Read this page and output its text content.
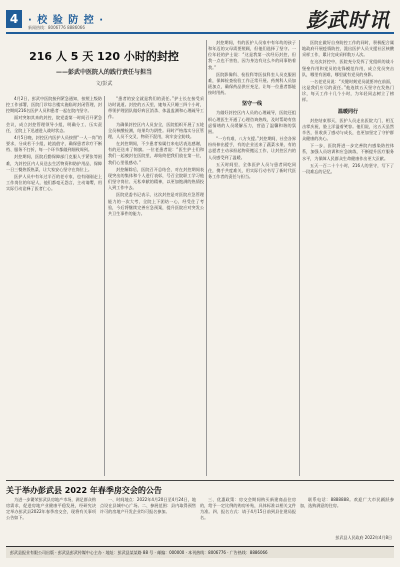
4 · 校 验 防 控 ·
新闻热线：8006776 8886066	彭武时讯
216 人 5 天 120 小时的封控
——彭武中医院人的践行责任与担当
文/彭武

4月2日，彭武中医院接到紧急通知，按照上级防控工作部署，医院门诊综合楼实施临时封闭管理，封控期间216名医护人员和患者一起在院内坚守。

面对突如其来的封控，院党委第一时间召开紧急会议，成立封控管理领导小组，明确分工、压实责任，全院上下迅速进入战时状态。

4月5日晚，封控区内医护人员按照“一人一岗”的要求，分成若干小组，轮流值守，确保患者诊疗不断档、服务不打折，每一个环节都做到细致周到。

封控期间，医院后勤保障部门克服人手紧张等困难，为封控区内人员送去生活物资和防护用品，保障一日三餐热饭热菜，让大家安心坚守在岗位上。

医护人员中有年过半百的老专家，也有刚刚走上工作岗位的年轻人，他们都毫无怨言，主动请缨，用实际行动诠释了医者仁心。

“患者的安全就是我们的责任。”护士长在接受采访时说道。封控的五天里，她每天只睡三四个小时，带领护理团队做好病区消杀、体温监测和心理疏导工作。

为确保封控区内人员安全，医院组织开展了五轮全员核酸检测，结果均为阴性。同时严格落实分区管理，人员不交叉、物资不混用，筑牢安全防线。

在封控期间，不少患者家属打来电话表达感谢，有的还送来了锦旗。一位老患者说：“医生护士们和我们一起被封在医院里，却始终把我们放在第一位，我们心里很感动。”

封控解除后，医院召开总结会，对在封控期间表现突出的集体和个人进行表彰，号召全院职工学习他们坚守岗位、无私奉献的精神，以更加饱满的热情投入到工作中去。

医院党委书记表示，这次封控是对医院应急管理能力的一次大考，全院上下团结一心，经受住了考验，今后将继续完善应急预案，提升医院应对突发公共卫生事件的能力。

封控期间，有的医护人员家中有年幼的孩子和年迈的父母需要照顾，但他们选择了坚守。一位年轻的护士说：“这是我第一次经历封控，但我一点也不害怕，因为身边有这么多的同事陪着我。”

医院影像科、检验科等医技科室人员克服困难，保障检查检验工作正常开展。药剂科人员加班加点，确保药品供应充足，让每一位患者都能按时用药。

坚守一线

为做好封控区内人员的心理疏导，医院还组织心理医生开通了心理咨询热线，及时帮助有焦虑情绪的人员缓解压力，营造了温馨和谐的氛围。

“一方有难，八方支援。”封控期间，社会各界纷纷伸出援手，有的企业送来了蔬菜水果，有的志愿者主动承担起物资搬运工作，让封控区内的人员感受到了温暖。

五天时间里，全体医护人员与患者同吃同住，携手共度难关，用实际行动书写了新时代医务工作者的责任与担当。

医院在做好自身防控工作的同时，积极配合属地政府开展疫情防控，派出医护人员支援社区核酸采样工作，累计完成采样数万人次。

在这次封控中，医院充分发挥了党组织的战斗堡垒作用和党员的先锋模范作用，成立党员突击队，哪里有困难，哪里就有党员的身影。

一名老党员说：“关键时刻党员就要冲在前面，这是我们应尽的责任。”他连续五天坚守在发热门诊，每天工作十几个小时，为年轻同志树立了榜样。

温暖同行

封控结束那天，医护人员走出医院大门，相互击掌庆祝，脸上洋溢着笑容。他们说，这五天虽然辛苦，但收获了感动与成长，也更加坚定了守护群众健康的决心。

下一步，医院将进一步完善院内感染防控体系，加强人员培训和应急演练，不断提升医疗服务水平，为保障人民群众生命健康作出更大贡献。

五天一百二十个小时，216人的坚守，写下了一段难忘的记忆。

关于举办彭武县 2022 年春季房交会的公告

为进一步繁荣彭武县房地产市场，满足群众购房需求，促进房地产业健康平稳发展，经研究决定举办彭武县2022年春季房交会，现将有关事项公告如下。

一、时间地点：2022年4月20日至4月24日，地点设在县城中心广场。二、参展范围：县内取得预售许可的房地产开发企业均可报名参加。

三、优惠政策：房交会期间购买新建商品住房的，给予一定比例的购房补贴，具体标准以相关文件为准。四、报名方式：请于4月15日前到县住建局报名。

联系电话：8888888。欢迎广大市民踊跃参加，选购满意的住房。

彭武县人民政府 2022年4月8日
彭武县报业有限公司出版 · 彭武县彭武传媒中心主办 · 地址：彭武县某某路 88 号 · 邮编：000000 · 本刊热线：8006776 · 广告热线：8886066
